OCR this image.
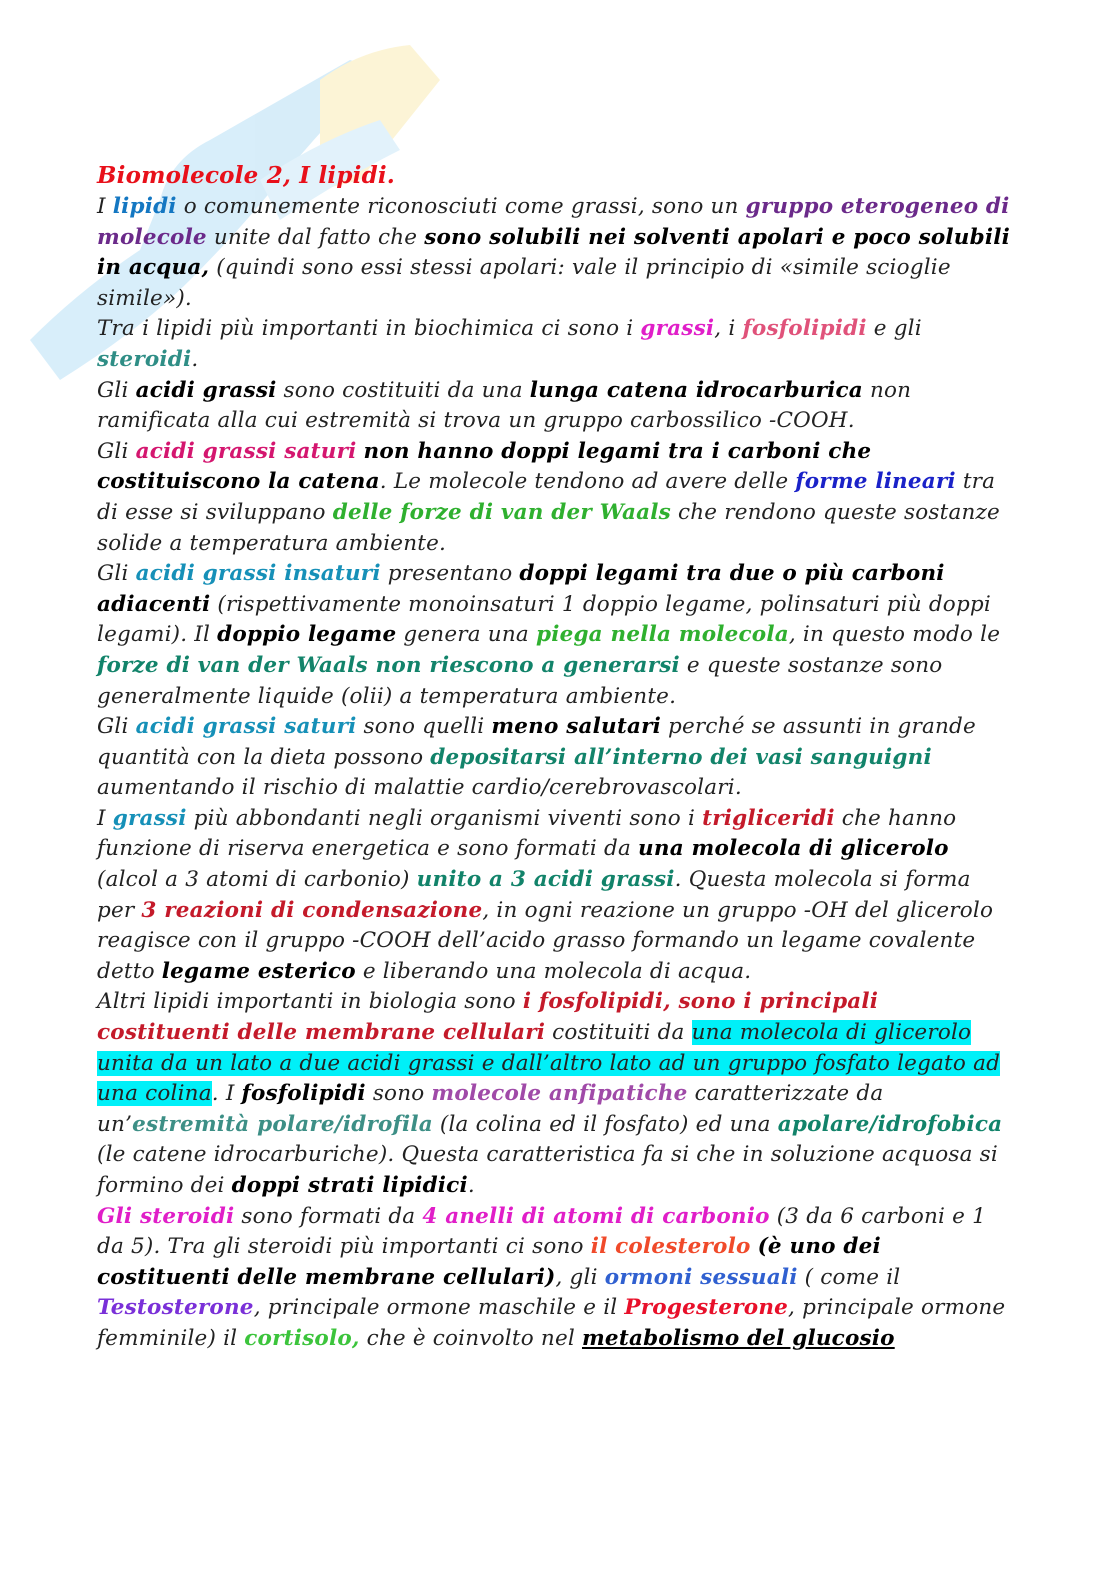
Biomolecole 2, I lipidi.

I lipidi o comunemente riconosciuti come grassi, sono un gruppo eterogeneo di molecole unite dal fatto che sono solubili nei solventi apolari e poco solubili in acqua, (quindi sono essi stessi apolari: vale il principio di «simile scioglie simile»).

Tra i lipidi più importanti in biochimica ci sono i grassi, i fosfolipidi e gli steroidi.

Gli acidi grassi sono costituiti da una lunga catena idrocarburica non ramificata alla cui estremità si trova un gruppo carbossilico -COOH.

Gli acidi grassi saturi non hanno doppi legami tra i carboni che costituiscono la catena. Le molecole tendono ad avere delle forme lineari tra di esse si sviluppano delle forze di van der Waals che rendono queste sostanze solide a temperatura ambiente.

Gli acidi grassi insaturi presentano doppi legami tra due o più carboni adiacenti (rispettivamente monoinsaturi 1 doppio legame, polinsaturi più doppi legami). Il doppio legame genera una piega nella molecola, in questo modo le forze di van der Waals non riescono a generarsi e queste sostanze sono generalmente liquide (olii) a temperatura ambiente.

Gli acidi grassi saturi sono quelli meno salutari perché se assunti in grande quantità con la dieta possono depositarsi all’interno dei vasi sanguigni aumentando il rischio di malattie cardio/cerebrovascolari.

I grassi più abbondanti negli organismi viventi sono i trigliceridi che hanno funzione di riserva energetica e sono formati da una molecola di glicerolo (alcol a 3 atomi di carbonio) unito a 3 acidi grassi. Questa molecola si forma per 3 reazioni di condensazione, in ogni reazione un gruppo -OH del glicerolo reagisce con il gruppo -COOH dell’acido grasso formando un legame covalente detto legame esterico e liberando una molecola di acqua.

Altri lipidi importanti in biologia sono i fosfolipidi, sono i principali costituenti delle membrane cellulari costituiti da una molecola di glicerolo unita da un lato a due acidi grassi e dall’altro lato ad un gruppo fosfato legato ad una colina. I fosfolipidi sono molecole anfipatiche caratterizzate da un’estremità polare/idrofila (la colina ed il fosfato) ed una apolare/idrofobica (le catene idrocarburiche). Questa caratteristica fa si che in soluzione acquosa si formino dei doppi strati lipidici.

Gli steroidi sono formati da 4 anelli di atomi di carbonio (3 da 6 carboni e 1 da 5). Tra gli steroidi più importanti ci sono il colesterolo (è uno dei costituenti delle membrane cellulari), gli ormoni sessuali ( come il Testosterone, principale ormone maschile e il Progesterone, principale ormone femminile) il cortisolo, che è coinvolto nel metabolismo del glucosio
